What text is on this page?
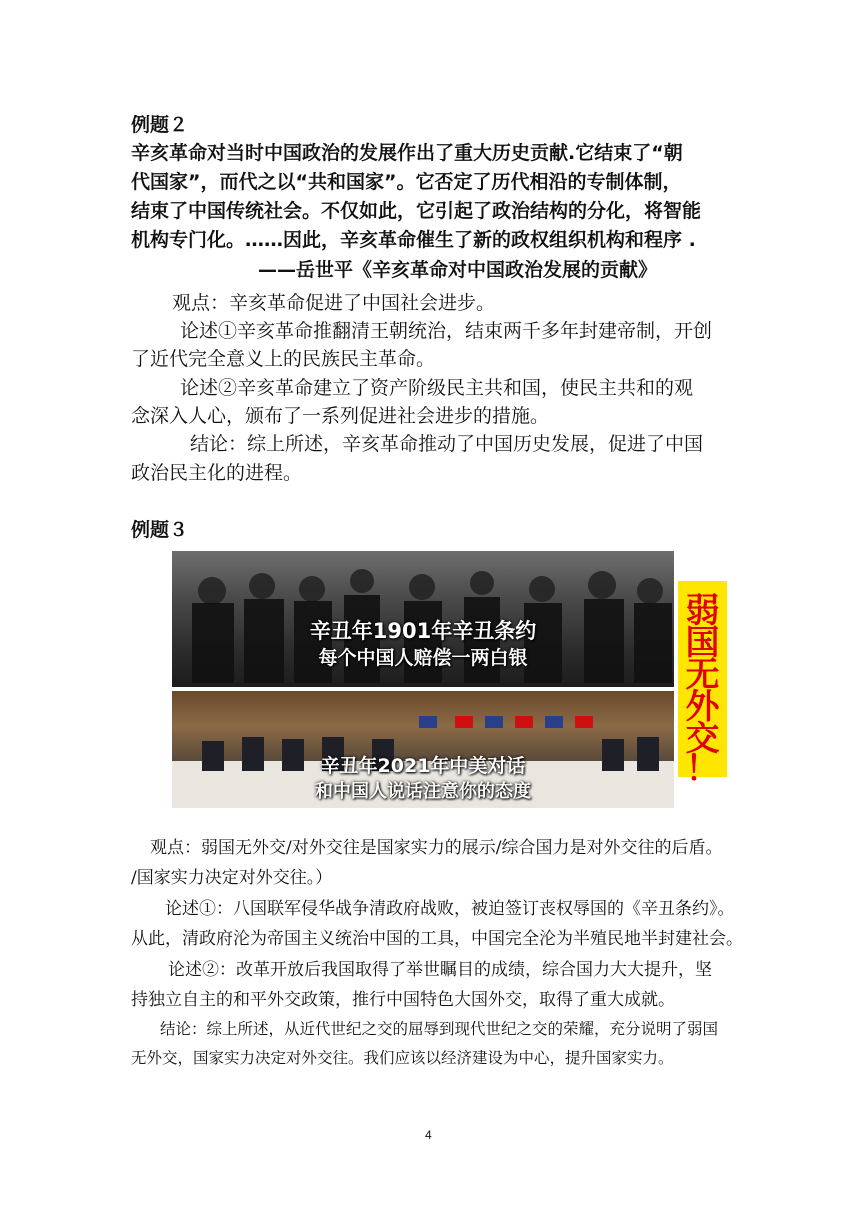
例题２
辛亥革命对当时中国政治的发展作出了重大历史贡献.它结束了“朝
代国家”，而代之以“共和国家”。它否定了历代相沿的专制体制，
结束了中国传统社会。不仅如此，它引起了政治结构的分化，将智能
机构专门化。……因此，辛亥革命催生了新的政权组织机构和程序 .
——岳世平《辛亥革命对中国政治发展的贡献》
观点：辛亥革命促进了中国社会进步。
论述①辛亥革命推翻清王朝统治，结束两千多年封建帝制，开创
了近代完全意义上的民族民主革命。
论述②辛亥革命建立了资产阶级民主共和国，使民主共和的观
念深入人心，颁布了一系列促进社会进步的措施。
结论：综上所述，辛亥革命推动了中国历史发展，促进了中国
政治民主化的进程。
例题３
辛丑年1901年辛丑条约
每个中国人赔偿一两白银
辛丑年2021年中美对话
和中国人说话注意你的态度
弱
国
无
外
交
！
观点：弱国无外交/对外交往是国家实力的展示/综合国力是对外交往的后盾。
/国家实力决定对外交往。）
论述①：八国联军侵华战争清政府战败，被迫签订丧权辱国的《辛丑条约》。
从此，清政府沦为帝国主义统治中国的工具，中国完全沦为半殖民地半封建社会。
论述②：改革开放后我国取得了举世瞩目的成绩，综合国力大大提升，坚
持独立自主的和平外交政策，推行中国特色大国外交，取得了重大成就。
结论：综上所述，从近代世纪之交的屈辱到现代世纪之交的荣耀，充分说明了弱国
无外交，国家实力决定对外交往。我们应该以经济建设为中心，提升国家实力。
4
